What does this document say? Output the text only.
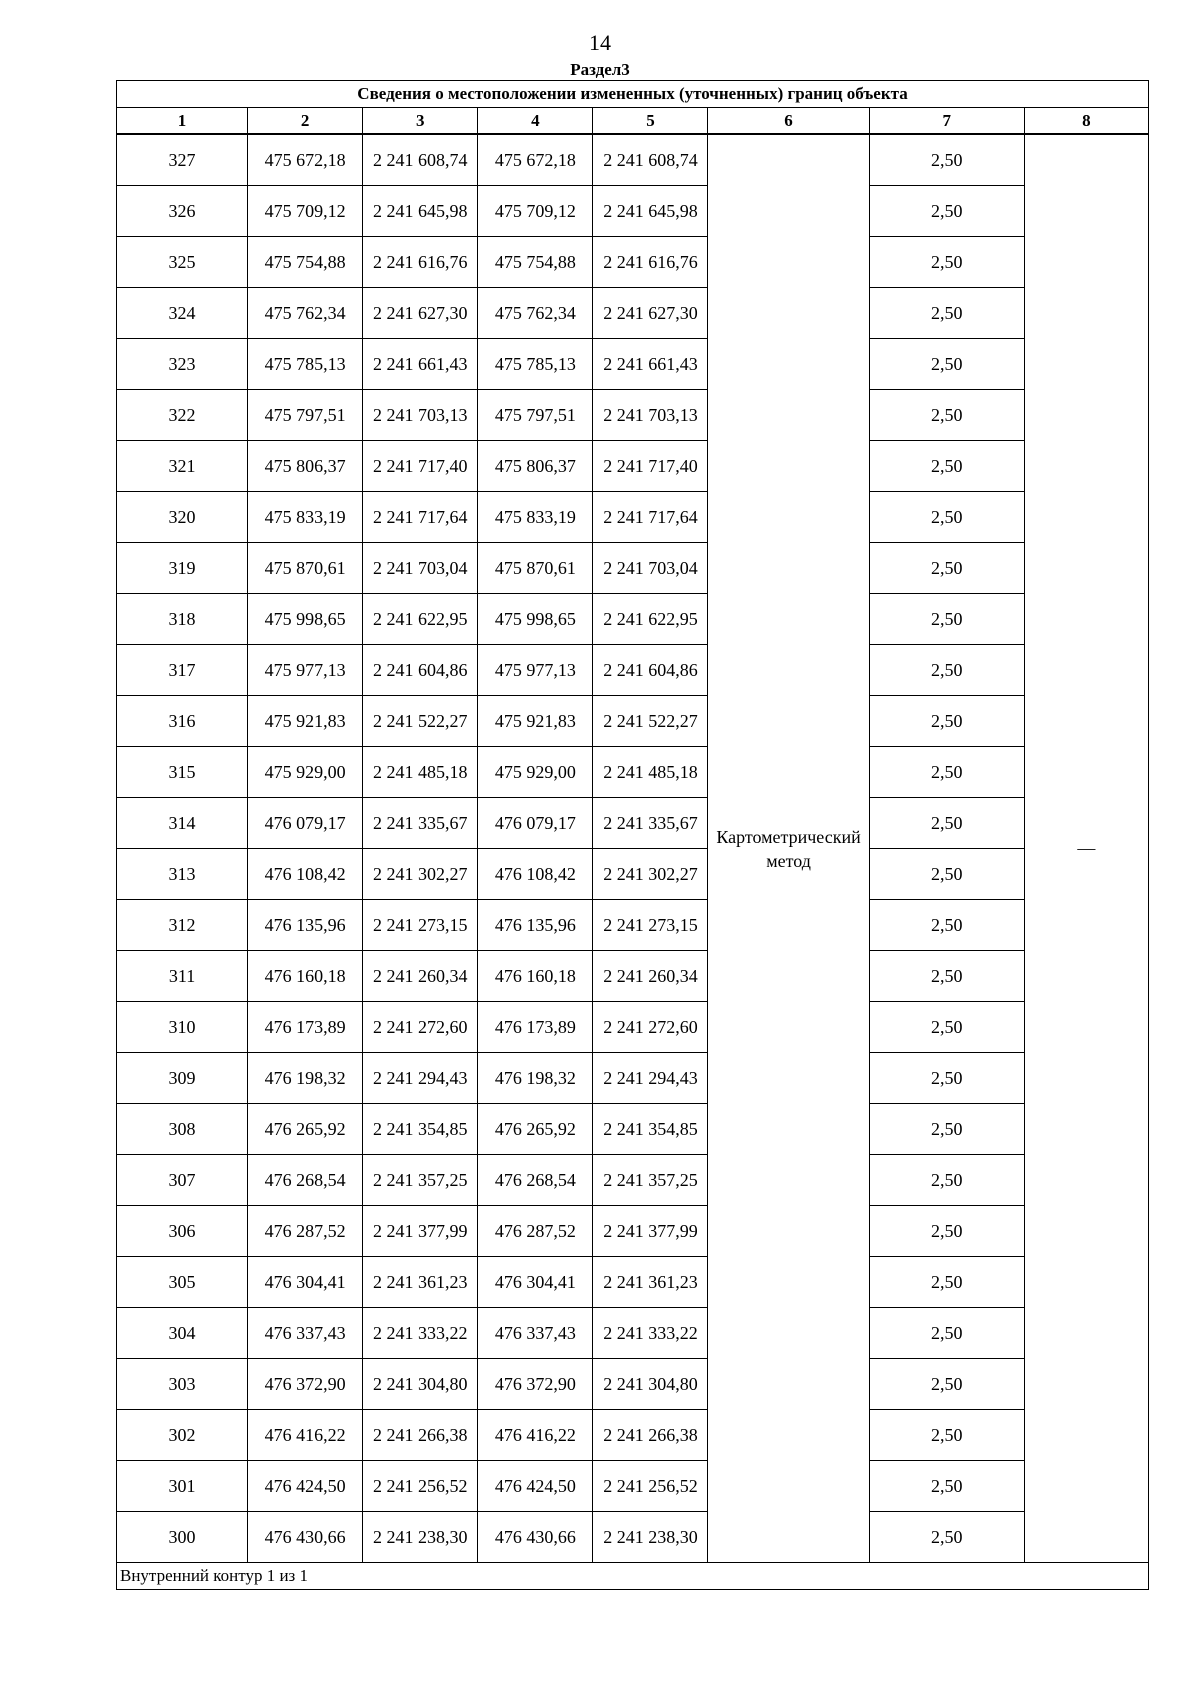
14
Раздел3
Сведения о местоположении измененных (уточненных) границ объекта							
1	2	3	4	5	6	7	8
327	475 672,18	2 241 608,74	475 672,18	2 241 608,74	Картометрический метод	2,50	—
326	475 709,12	2 241 645,98	475 709,12	2 241 645,98		2,50	
325	475 754,88	2 241 616,76	475 754,88	2 241 616,76		2,50	
324	475 762,34	2 241 627,30	475 762,34	2 241 627,30		2,50	
323	475 785,13	2 241 661,43	475 785,13	2 241 661,43		2,50	
322	475 797,51	2 241 703,13	475 797,51	2 241 703,13		2,50	
321	475 806,37	2 241 717,40	475 806,37	2 241 717,40		2,50	
320	475 833,19	2 241 717,64	475 833,19	2 241 717,64		2,50	
319	475 870,61	2 241 703,04	475 870,61	2 241 703,04		2,50	
318	475 998,65	2 241 622,95	475 998,65	2 241 622,95		2,50	
317	475 977,13	2 241 604,86	475 977,13	2 241 604,86		2,50	
316	475 921,83	2 241 522,27	475 921,83	2 241 522,27		2,50	
315	475 929,00	2 241 485,18	475 929,00	2 241 485,18		2,50	
314	476 079,17	2 241 335,67	476 079,17	2 241 335,67		2,50	
313	476 108,42	2 241 302,27	476 108,42	2 241 302,27		2,50	
312	476 135,96	2 241 273,15	476 135,96	2 241 273,15		2,50	
311	476 160,18	2 241 260,34	476 160,18	2 241 260,34		2,50	
310	476 173,89	2 241 272,60	476 173,89	2 241 272,60		2,50	
309	476 198,32	2 241 294,43	476 198,32	2 241 294,43		2,50	
308	476 265,92	2 241 354,85	476 265,92	2 241 354,85		2,50	
307	476 268,54	2 241 357,25	476 268,54	2 241 357,25		2,50	
306	476 287,52	2 241 377,99	476 287,52	2 241 377,99		2,50	
305	476 304,41	2 241 361,23	476 304,41	2 241 361,23		2,50	
304	476 337,43	2 241 333,22	476 337,43	2 241 333,22		2,50	
303	476 372,90	2 241 304,80	476 372,90	2 241 304,80		2,50	
302	476 416,22	2 241 266,38	476 416,22	2 241 266,38		2,50	
301	476 424,50	2 241 256,52	476 424,50	2 241 256,52		2,50	
300	476 430,66	2 241 238,30	476 430,66	2 241 238,30		2,50	
Внутренний контур 1 из 1							
